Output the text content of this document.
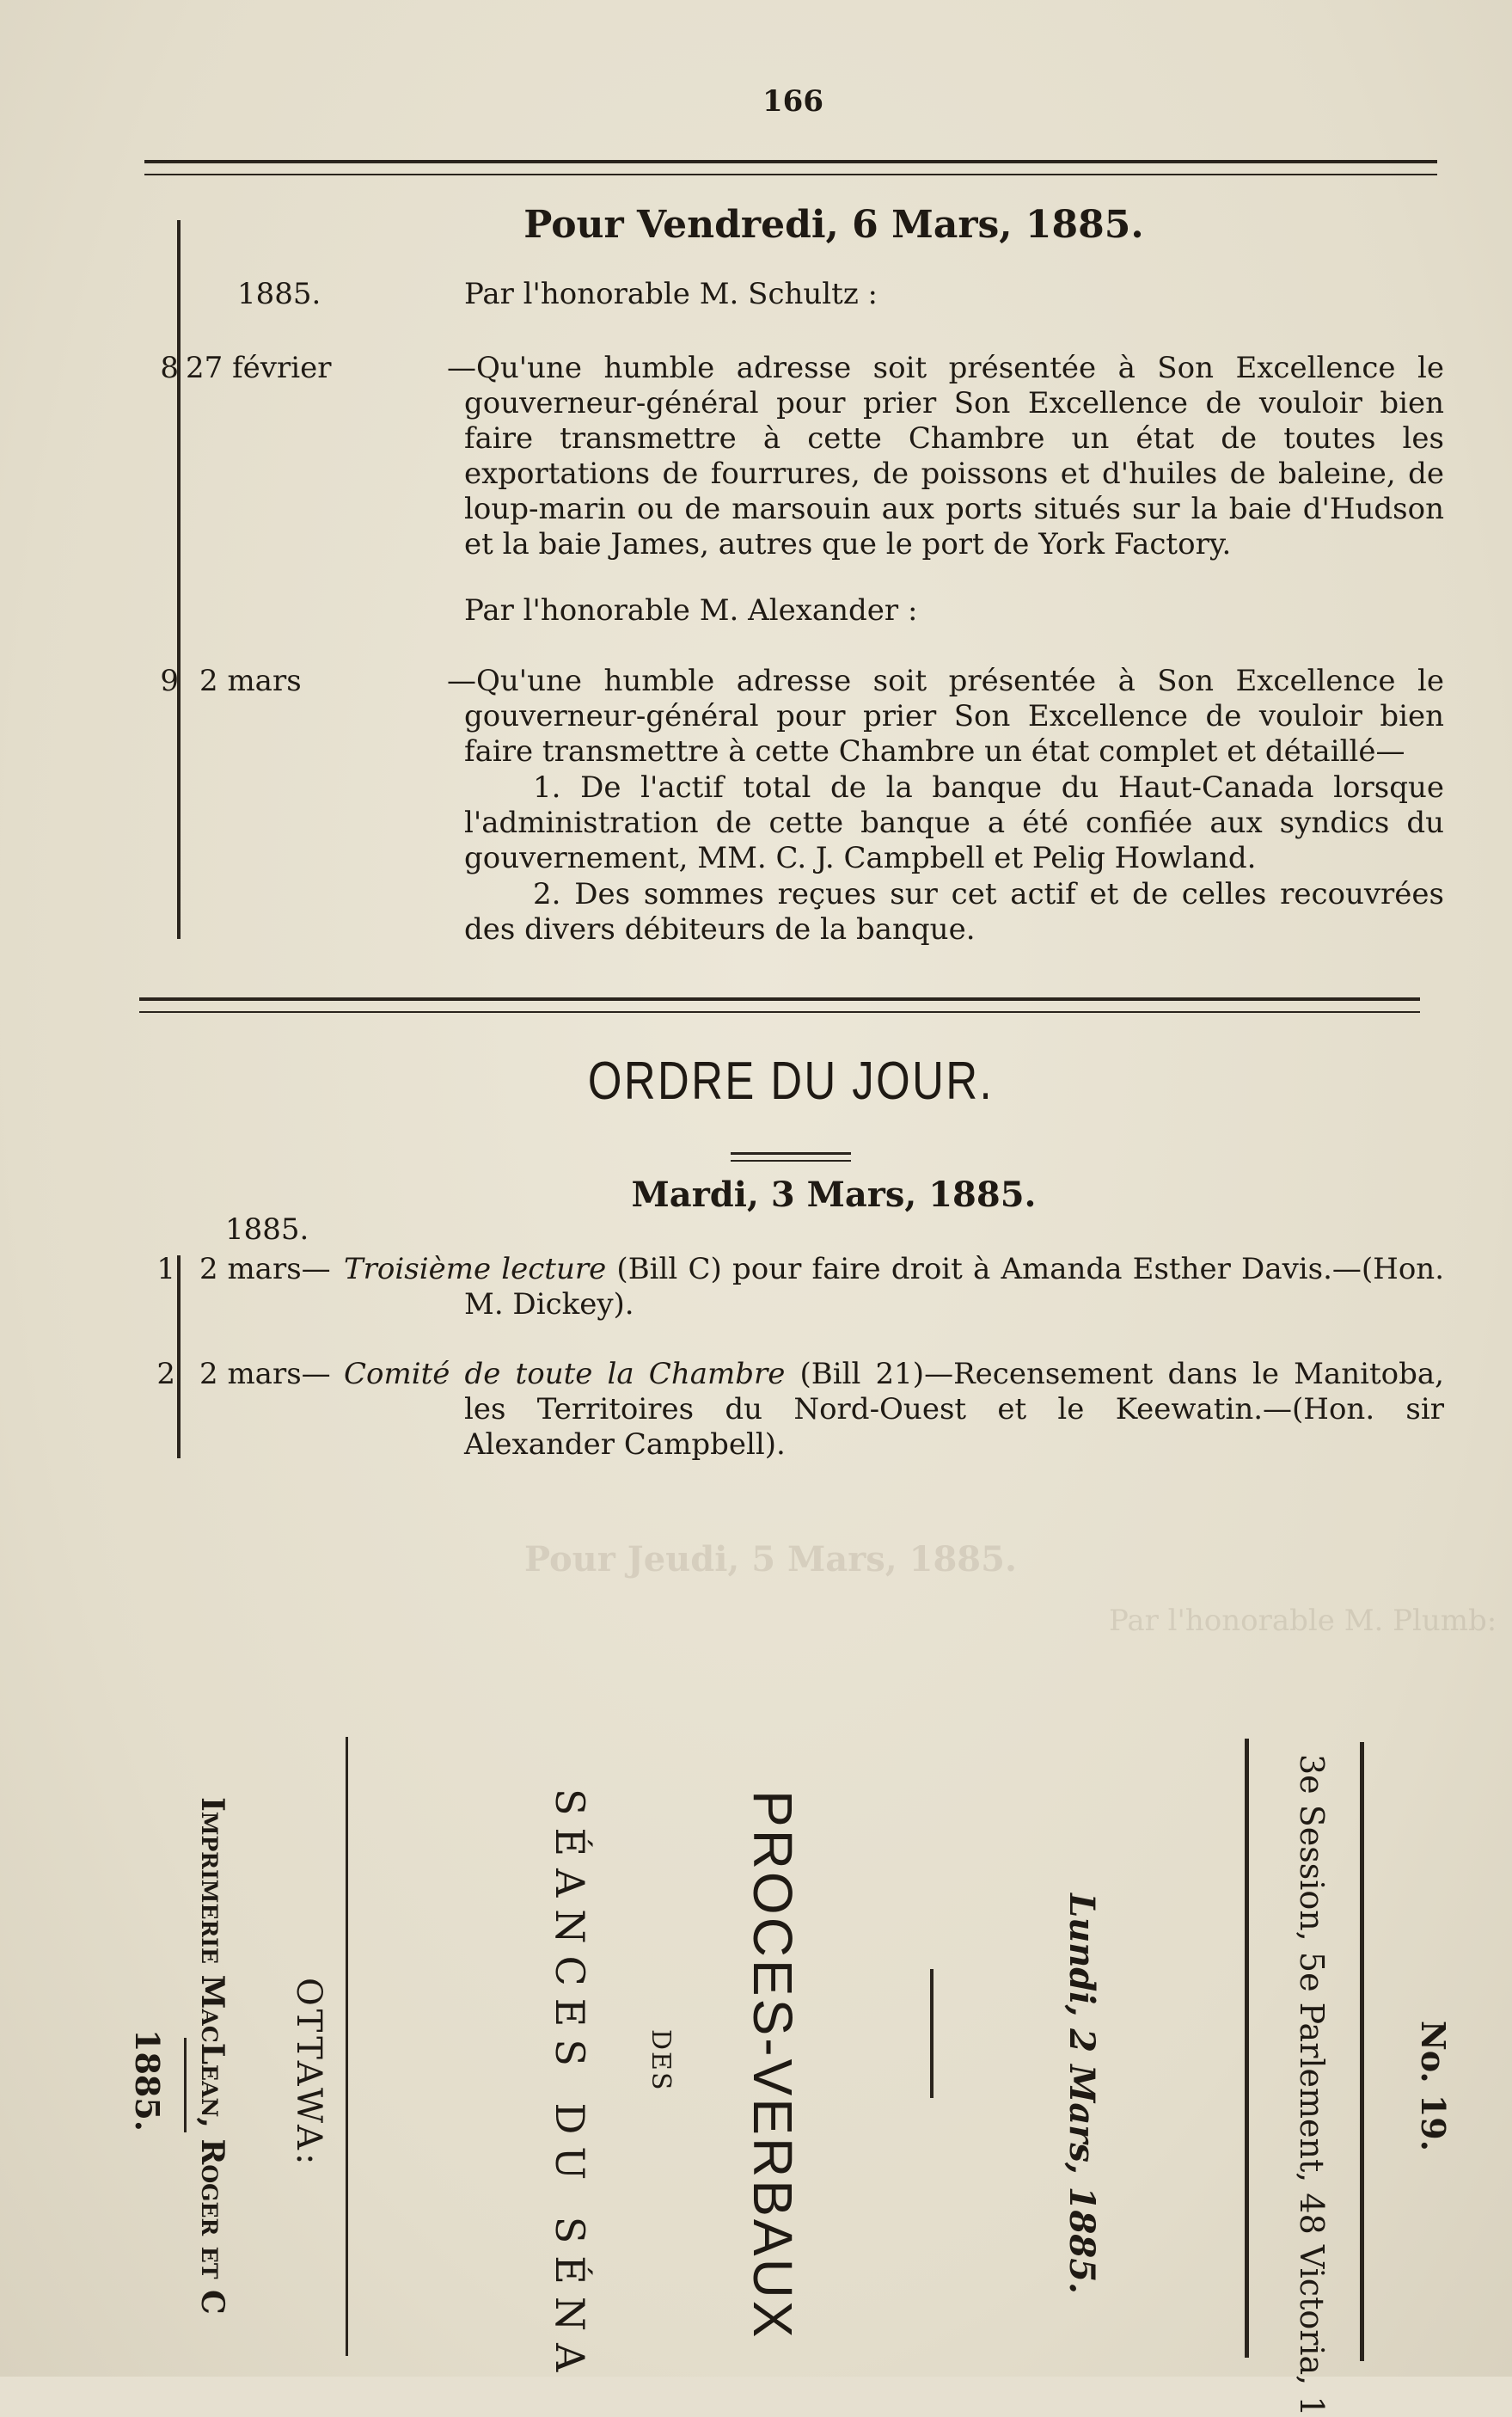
Pour Jeudi, 5 Mars, 1885.
Par l'honorable M. Plumb:
166
Pour Vendredi, 6 Mars, 1885.
1885.	Par l'honorable M. Schultz :
8 27 février	—Qu'une humble adresse soit présentée à Son Excellence le gouverneur-général pour prier Son Excellence de vouloir bien faire transmettre à cette Chambre un état de toutes les exportations de fourrures, de poissons et d'huiles de baleine, de loup-marin ou de marsouin aux ports situés sur la baie d'Hudson et la baie James, autres que le port de York Factory.
Par l'honorable M. Alexander :
9 2 mars	—Qu'une humble adresse soit présentée à Son Excellence le gouverneur-général pour prier Son Excellence de vouloir bien faire transmettre à cette Chambre un état complet et détaillé—
1. De l'actif total de la banque du Haut-Canada lorsque l'administration de cette banque a été confiée aux syndics du gouvernement, MM. C. J. Campbell et Pelig Howland.
2. Des sommes reçues sur cet actif et de celles recouvrées des divers débiteurs de la banque.
ORDRE DU JOUR.
Mardi, 3 Mars, 1885.
1885.
1 2 mars— Troisième lecture (Bill C) pour faire droit à Amanda Esther Davis.—(Hon. M. Dickey).
2 2 mars— Comité de toute la Chambre (Bill 21)—Recensement dans le Manitoba, les Territoires du Nord-Ouest et le Keewatin.—(Hon. sir Alexander Campbell).
No. 19.
3e Session, 5e Parlement, 48 Victoria, 1
Lundi, 2 Mars, 1885.
PROCES-VERBAUX
DES
SÉANCES DU SÉNA
OTTAWA:
Imprimerie MacLean, Roger et C
1885.
